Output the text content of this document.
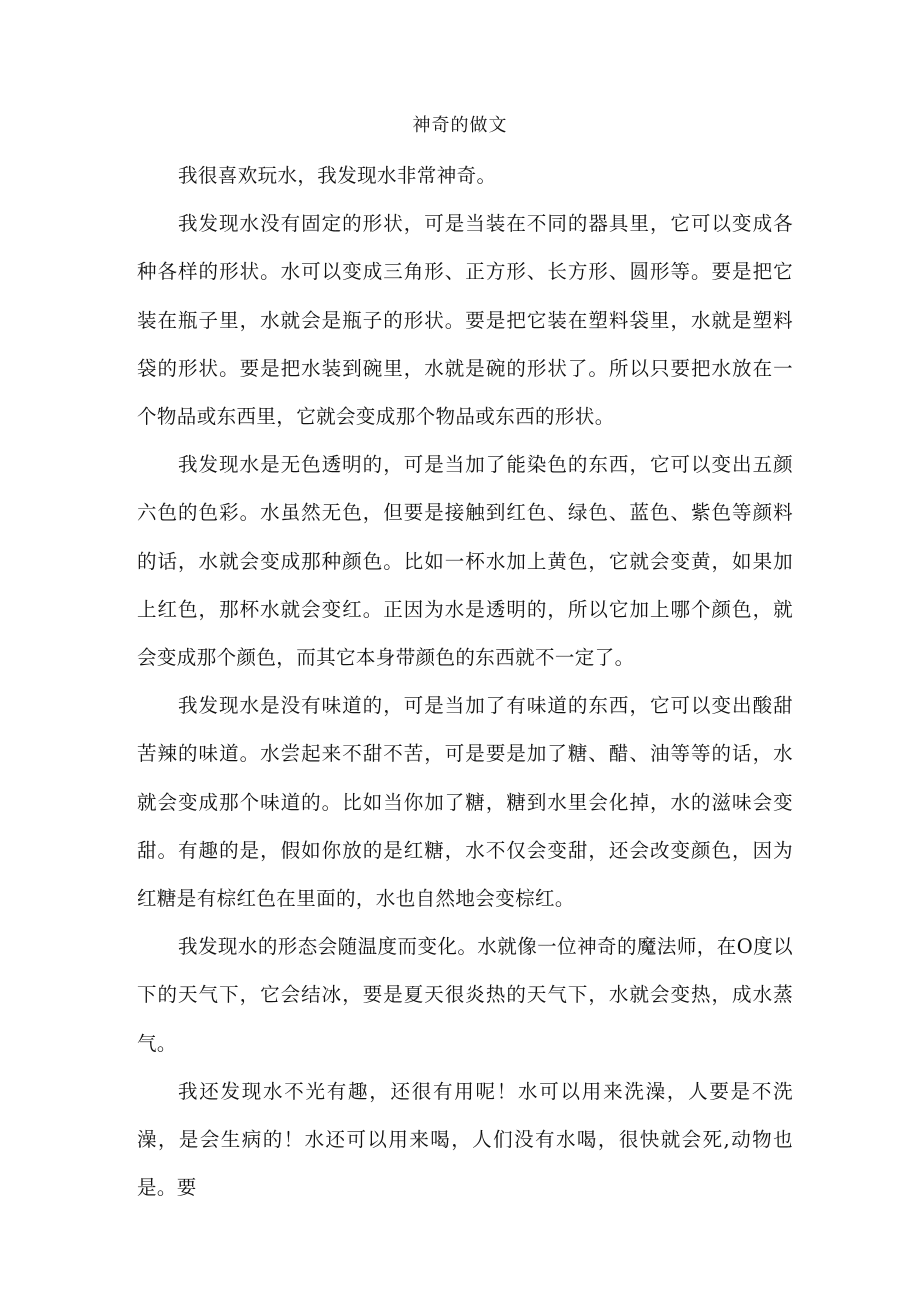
神奇的做文

我很喜欢玩水，我发现水非常神奇。

我发现水没有固定的形状，可是当装在不同的器具里，它可以变成各种各样的形状。水可以变成三角形、正方形、长方形、圆形等。要是把它装在瓶子里，水就会是瓶子的形状。要是把它装在塑料袋里，水就是塑料袋的形状。要是把水装到碗里，水就是碗的形状了。所以只要把水放在一个物品或东西里，它就会变成那个物品或东西的形状。

我发现水是无色透明的，可是当加了能染色的东西，它可以变出五颜六色的色彩。水虽然无色，但要是接触到红色、绿色、蓝色、紫色等颜料的话，水就会变成那种颜色。比如一杯水加上黄色，它就会变黄，如果加上红色，那杯水就会变红。正因为水是透明的，所以它加上哪个颜色，就会变成那个颜色，而其它本身带颜色的东西就不一定了。

我发现水是没有味道的，可是当加了有味道的东西，它可以变出酸甜苦辣的味道。水尝起来不甜不苦，可是要是加了糖、醋、油等等的话，水就会变成那个味道的。比如当你加了糖，糖到水里会化掉，水的滋味会变甜。有趣的是，假如你放的是红糖，水不仅会变甜，还会改变颜色，因为红糖是有棕红色在里面的，水也自然地会变棕红。

我发现水的形态会随温度而变化。水就像一位神奇的魔法师，在O度以下的天气下，它会结冰，要是夏天很炎热的天气下，水就会变热，成水蒸气。

我还发现水不光有趣，还很有用呢！水可以用来洗澡，人要是不洗澡，是会生病的！水还可以用来喝，人们没有水喝，很快就会死,动物也是。要
